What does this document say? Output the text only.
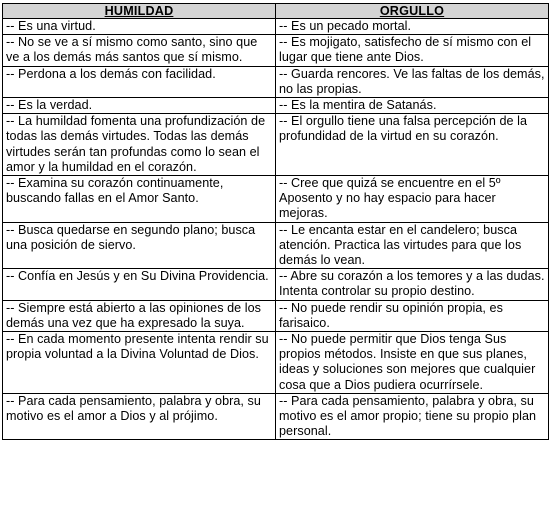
HUMILDAD	ORGULLO
-- Es una virtud.	-- Es un pecado mortal.
-- No se ve a sí mismo como santo, sino que ve a los demás más santos que sí mismo.	-- Es mojigato, satisfecho de sí mismo con el lugar que tiene ante Dios.
-- Perdona a los demás con facilidad.	-- Guarda rencores. Ve las faltas de los demás, no las propias.
-- Es la verdad.	-- Es la mentira de Satanás.
-- La humildad fomenta una profundización de todas las demás virtudes. Todas las demás virtudes serán tan profundas como lo sean el amor y la humildad en el corazón.	-- El orgullo tiene una falsa percepción de la profundidad de la virtud en su corazón.
-- Examina su corazón continuamente, buscando fallas en el Amor Santo.	-- Cree que quizá se encuentre en el 5º Aposento y no hay espacio para hacer mejoras.
-- Busca quedarse en segundo plano; busca una posición de siervo.	-- Le encanta estar en el candelero; busca atención. Practica las virtudes para que los demás lo vean.
-- Confía en Jesús y en Su Divina Providencia.	-- Abre su corazón a los temores y a las dudas. Intenta controlar su propio destino.
-- Siempre está abierto a las opiniones de los demás una vez que ha expresado la suya.	-- No puede rendir su opinión propia, es farisaico.
-- En cada momento presente intenta rendir su propia voluntad a la Divina Voluntad de Dios.	-- No puede permitir que Dios tenga Sus propios métodos. Insiste en que sus planes, ideas y soluciones son mejores que cualquier cosa que a Dios pudiera ocurrírsele.
-- Para cada pensamiento, palabra y obra, su motivo es el amor a Dios y al prójimo.	-- Para cada pensamiento, palabra y obra, su motivo es el amor propio; tiene su propio plan personal.
